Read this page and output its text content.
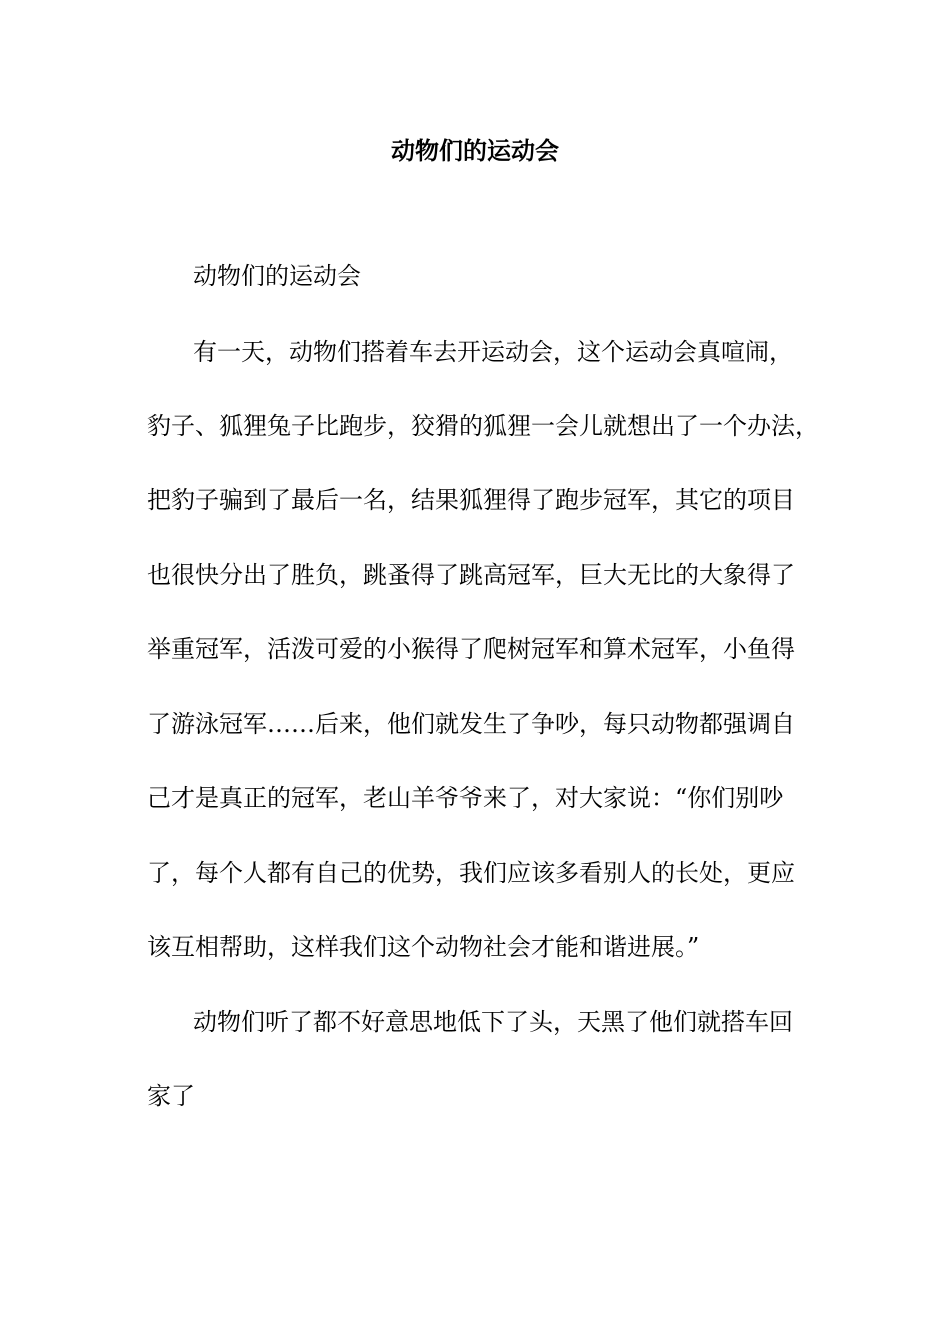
动物们的运动会
动物们的运动会
有一天，动物们搭着车去开运动会，这个运动会真喧闹，
豹子、狐狸兔子比跑步，狡猾的狐狸一会儿就想出了一个办法，
把豹子骗到了最后一名，结果狐狸得了跑步冠军，其它的项目
也很快分出了胜负，跳蚤得了跳高冠军，巨大无比的大象得了
举重冠军，活泼可爱的小猴得了爬树冠军和算术冠军，小鱼得
了游泳冠军……后来，他们就发生了争吵，每只动物都强调自
己才是真正的冠军，老山羊爷爷来了，对大家说：“你们别吵
了，每个人都有自己的优势，我们应该多看别人的长处，更应
该互相帮助，这样我们这个动物社会才能和谐进展。”
动物们听了都不好意思地低下了头，天黑了他们就搭车回
家了
